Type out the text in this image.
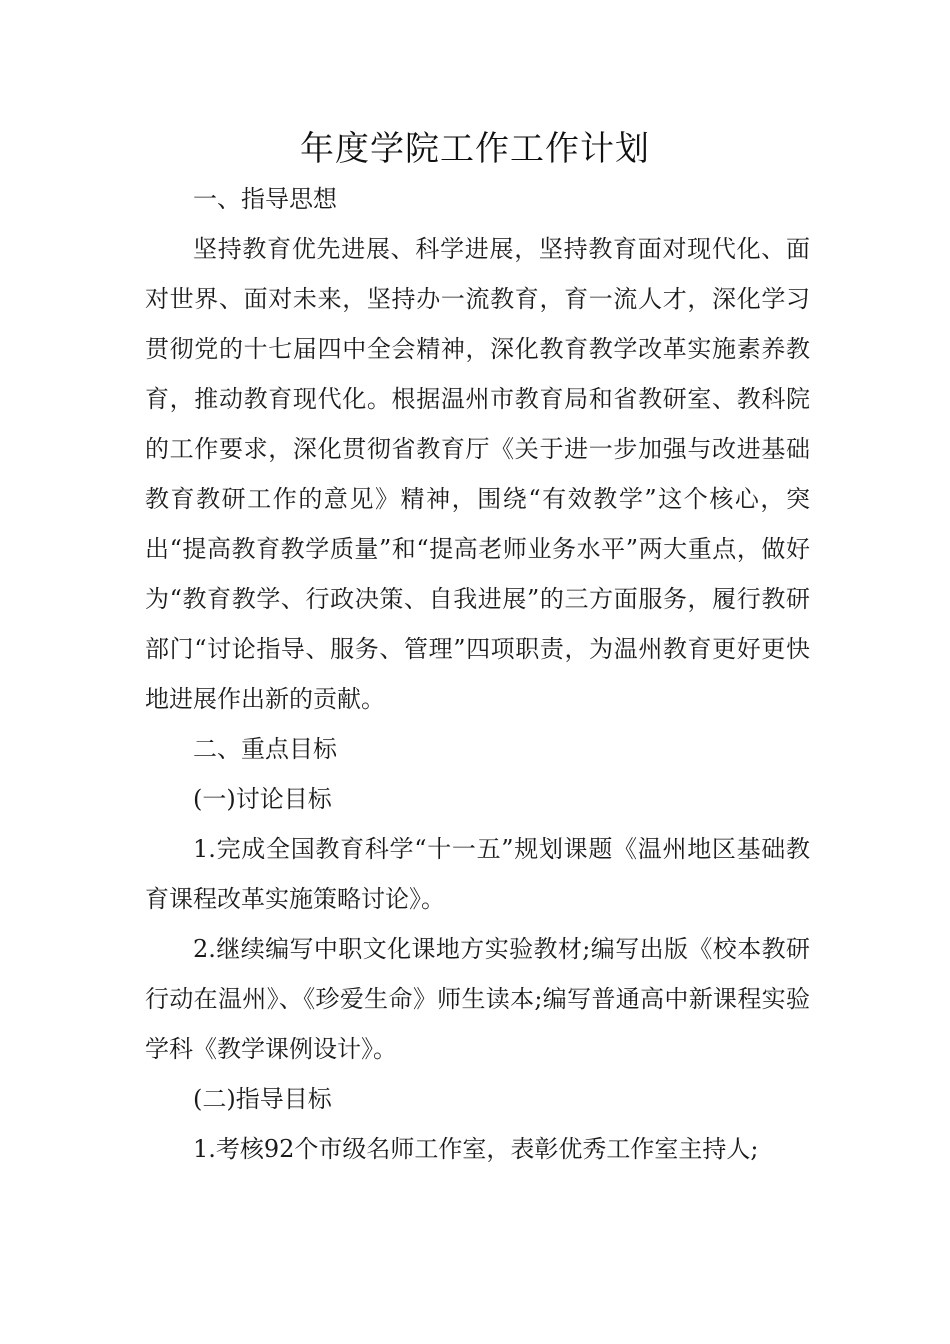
年度学院工作工作计划

一、指导思想

坚持教育优先进展、科学进展，坚持教育面对现代化、面对世界、面对未来，坚持办一流教育，育一流人才，深化学习贯彻党的十七届四中全会精神，深化教育教学改革实施素养教育，推动教育现代化。根据温州市教育局和省教研室、教科院的工作要求，深化贯彻省教育厅《关于进一步加强与改进基础教育教研工作的意见》精神，围绕“有效教学”这个核心，突出“提高教育教学质量”和“提高老师业务水平”两大重点，做好为“教育教学、行政决策、自我进展”的三方面服务，履行教研部门“讨论指导、服务、管理”四项职责，为温州教育更好更快地进展作出新的贡献。

二、重点目标

(一)讨论目标

1.完成全国教育科学“十一五”规划课题《温州地区基础教育课程改革实施策略讨论》。

2.继续编写中职文化课地方实验教材;编写出版《校本教研行动在温州》、《珍爱生命》师生读本;编写普通高中新课程实验学科《教学课例设计》。

(二)指导目标

1.考核92个市级名师工作室，表彰优秀工作室主持人;
